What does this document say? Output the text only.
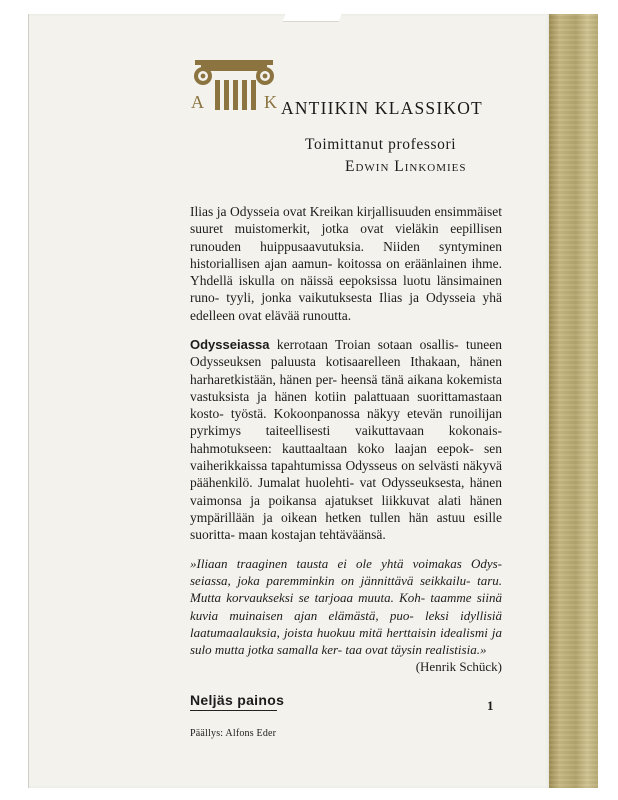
A	K ANTIIKIN KLASSIKOT
Toimittanut professori
Edwin Linkomies

Ilias ja Odysseia ovat Kreikan kirjallisuuden ensimmäiset suuret muistomerkit, jotka ovat vieläkin eepillisen runouden huippusaavutuksia. Niiden syntyminen historiallisen ajan aamun- koitossa on eräänlainen ihme. Yhdellä iskulla on näissä eepoksissa luotu länsimainen runo- tyyli, jonka vaikutuksesta Ilias ja Odysseia yhä edelleen ovat elävää runoutta.

Odysseiassa kerrotaan Troian sotaan osallis- tuneen Odysseuksen paluusta kotisaarelleen Ithakaan, hänen harharetkistään, hänen per- heensä tänä aikana kokemista vastuksista ja hänen kotiin palattuaan suorittamastaan kosto- työstä. Kokoonpanossa näkyy etevän runoilijan pyrkimys taiteellisesti vaikuttavaan kokonais- hahmotukseen: kauttaaltaan koko laajan eepok- sen vaiherikkaissa tapahtumissa Odysseus on selvästi näkyvä päähenkilö. Jumalat huolehti- vat Odysseuksesta, hänen vaimonsa ja poikansa ajatukset liikkuvat alati hänen ympärillään ja oikean hetken tullen hän astuu esille suoritta- maan kostajan tehtäväänsä.

»Iliaan traaginen tausta ei ole yhtä voimakas Odys- seiassa, joka paremminkin on jännittävä seikkailu- taru. Mutta korvaukseksi se tarjoaa muuta. Koh- taamme siinä kuvia muinaisen ajan elämästä, puo- leksi idyllisiä laatumaalauksia, joista huokuu mitä herttaisin idealismi ja sulo mutta jotka samalla ker- taa ovat täysin realistisia.»
(Henrik Schück)

Neljäs painos	1
Päällys: Alfons Eder
